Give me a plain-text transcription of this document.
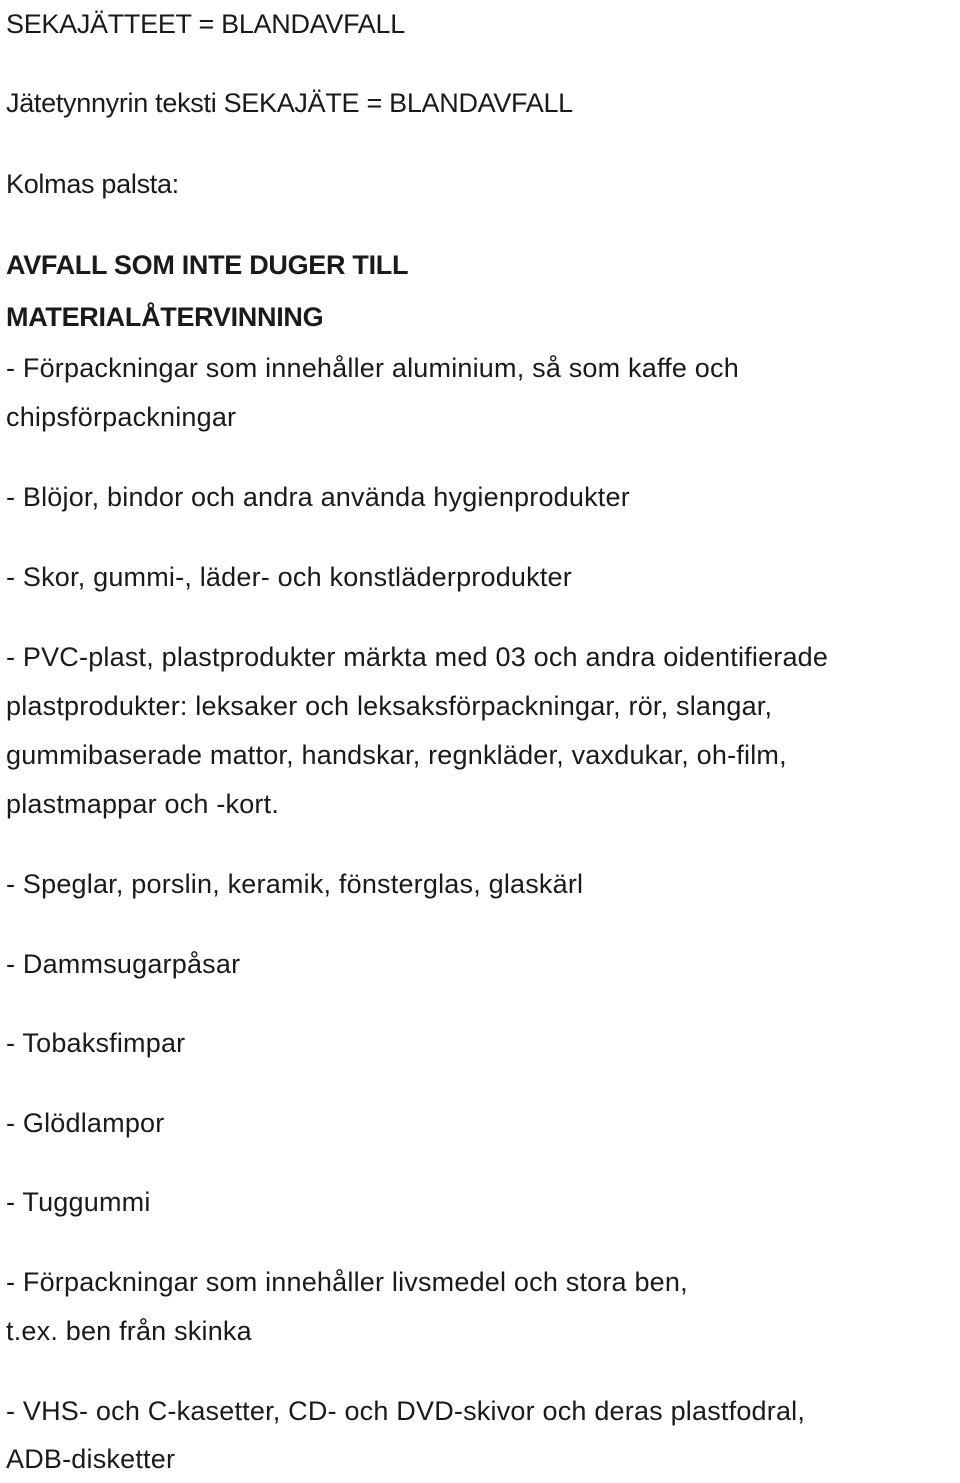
SEKAJÄTTEET = BLANDAVFALL
Jätetynnyrin teksti SEKAJÄTE = BLANDAVFALL
Kolmas palsta:
AVFALL SOM INTE DUGER TILL
MATERIALÅTERVINNING
- Förpackningar som innehåller aluminium, så som kaffe och
chipsförpackningar
- Blöjor, bindor och andra använda hygienprodukter
- Skor, gummi-, läder- och konstläderprodukter
- PVC-plast, plastprodukter märkta med 03 och andra oidentifierade
plastprodukter: leksaker och leksaksförpackningar, rör, slangar,
gummibaserade mattor, handskar, regnkläder, vaxdukar, oh-film,
plastmappar och -kort.
- Speglar, porslin, keramik, fönsterglas, glaskärl
- Dammsugarpåsar
- Tobaksfimpar
- Glödlampor
- Tuggummi
- Förpackningar som innehåller livsmedel och stora ben,
t.ex. ben från skinka
- VHS- och C-kasetter, CD- och DVD-skivor och deras plastfodral,
ADB-disketter
